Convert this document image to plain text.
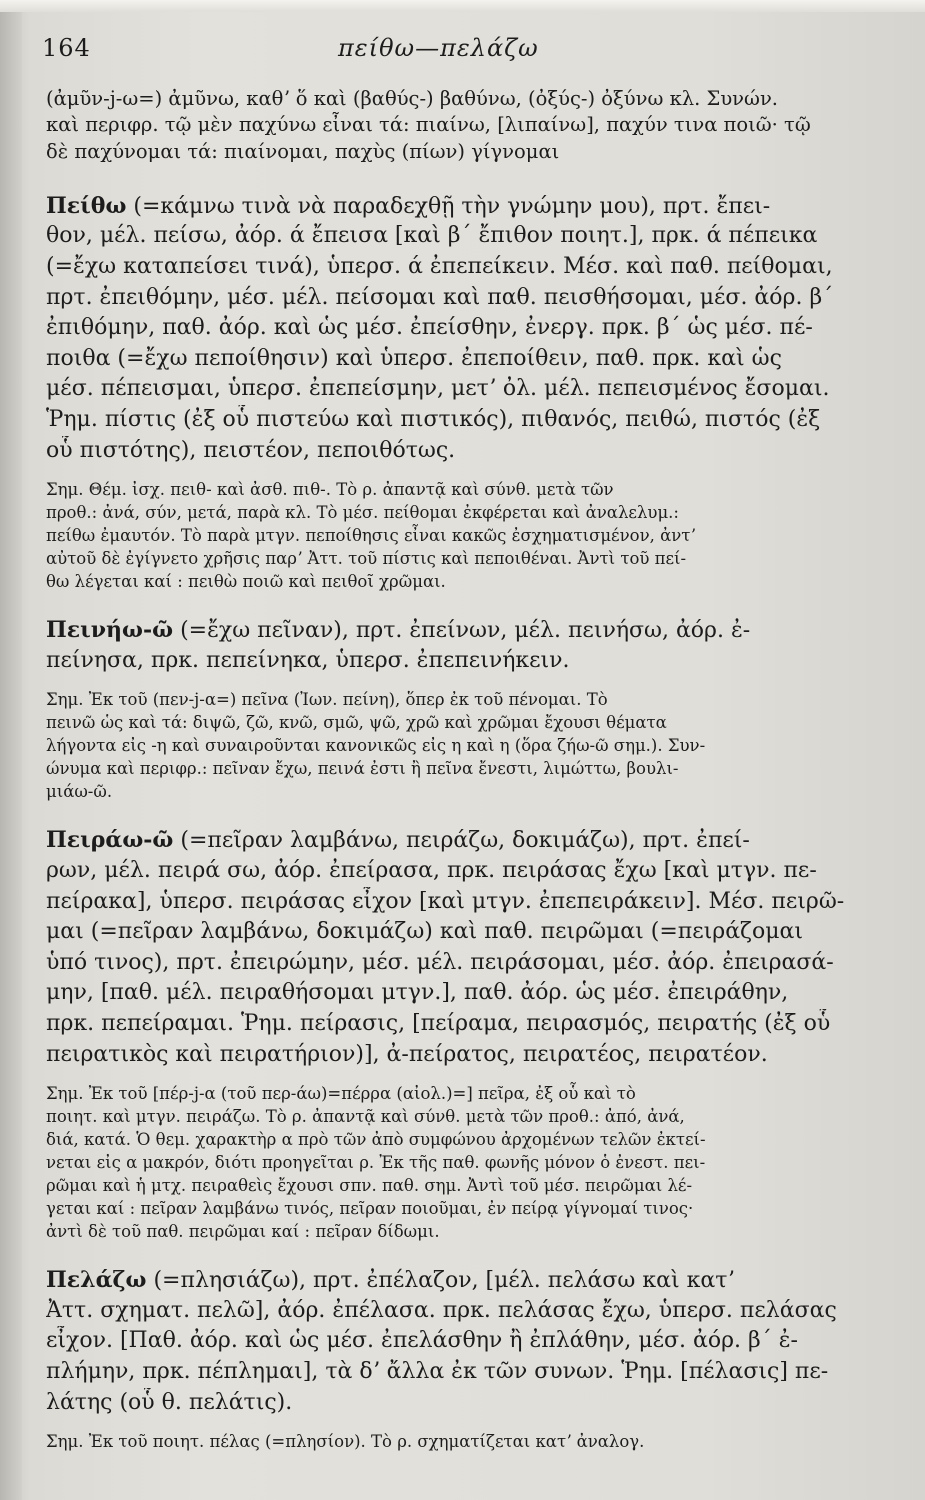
164	πείθω—πελάζω
(ἀμῦν-j-ω=) ἀμῦνω, καθʼ ὅ καὶ (βαθύς-) βαθύνω, (ὀξύς-) ὀξύνω κλ. Συνών.
καὶ περιφρ. τῷ μὲν παχύνω εἶναι τά: πιαίνω, [λιπαίνω], παχύν τινα ποιῶ· τῷ
δὲ παχύνομαι τά: πιαίνομαι, παχὺς (πίων) γίγνομαι
Πείθω (=κάμνω τινὰ νὰ παραδεχθῇ τὴν γνώμην μου), πρτ. ἔπει-
θον, μέλ. πείσω, ἀόρ. ά ἔπεισα [καὶ β΄ ἔπιθον ποιητ.], πρκ. ά πέπεικα
(=ἔχω καταπείσει τινά), ὑπερσ. ά ἐπεπείκειν. Μέσ. καὶ παθ. πείθομαι,
πρτ. ἐπειθόμην, μέσ. μέλ. πείσομαι καὶ παθ. πεισθήσομαι, μέσ. ἀόρ. β΄
ἐπιθόμην, παθ. ἀόρ. καὶ ὡς μέσ. ἐπείσθην, ἐνεργ. πρκ. β΄ ὡς μέσ. πέ-
ποιθα (=ἔχω πεποίθησιν) καὶ ὑπερσ. ἐπεποίθειν, παθ. πρκ. καὶ ὡς
μέσ. πέπεισμαι, ὑπερσ. ἐπεπείσμην, μετʼ ὀλ. μέλ. πεπεισμένος ἔσομαι.
Ῥημ. πίστις (ἐξ οὗ πιστεύω καὶ πιστικός), πιθανός, πειθώ, πιστός (ἐξ
οὗ πιστότης), πειστέον, πεποιθότως.
Σημ. Θέμ. ἰσχ. πειθ- καὶ ἀσθ. πιθ-. Τὸ ρ. ἀπαντᾷ καὶ σύνθ. μετὰ τῶν
προθ.: ἀνά, σύν, μετά, παρὰ κλ. Τὸ μέσ. πείθομαι ἐκφέρεται καὶ ἀναλελυμ.:
πείθω ἐμαυτόν. Τὸ παρὰ μτγν. πεποίθησις εἶναι κακῶς ἐσχηματισμένον, ἀντʼ
αὐτοῦ δὲ ἐγίγνετο χρῆσις παρʼ Ἀττ. τοῦ πίστις καὶ πεποιθέναι. Ἀντὶ τοῦ πεί-
θω λέγεται καί : πειθὼ ποιῶ καὶ πειθοῖ χρῶμαι.
Πεινήω-ῶ (=ἔχω πεῖναν), πρτ. ἐπείνων, μέλ. πεινήσω, ἀόρ. ἐ-
πείνησα, πρκ. πεπείνηκα, ὑπερσ. ἐπεπεινήκειν.
Σημ. Ἐκ τοῦ (πεν-j-α=) πεῖνα (Ἰων. πείνη), ὅπερ ἐκ τοῦ πένομαι. Τὸ
πεινῶ ὡς καὶ τά: διψῶ, ζῶ, κνῶ, σμῶ, ψῶ, χρῶ καὶ χρῶμαι ἔχουσι θέματα
λήγοντα εἰς -η καὶ συναιροῦνται κανονικῶς εἰς η καὶ η (ὅρα ζήω-ῶ σημ.). Συν-
ώνυμα καὶ περιφρ.: πεῖναν ἔχω, πεινά ἐστι ἢ πεῖνα ἔνεστι, λιμώττω, βουλι-
μιάω-ῶ.
Πειράω-ῶ (=πεῖραν λαμβάνω, πειράζω, δοκιμάζω), πρτ. ἐπεί-
ρων, μέλ. πειρά σω, ἀόρ. ἐπείρασα, πρκ. πειράσας ἔχω [καὶ μτγν. πε-
πείρακα], ὑπερσ. πειράσας εἶχον [καὶ μτγν. ἐπεπειράκειν]. Μέσ. πειρῶ-
μαι (=πεῖραν λαμβάνω, δοκιμάζω) καὶ παθ. πειρῶμαι (=πειράζομαι
ὑπό τινος), πρτ. ἐπειρώμην, μέσ. μέλ. πειράσομαι, μέσ. ἀόρ. ἐπειρασά-
μην, [παθ. μέλ. πειραθήσομαι μτγν.], παθ. ἀόρ. ὡς μέσ. ἐπειράθην,
πρκ. πεπείραμαι. Ῥημ. πείρασις, [πείραμα, πειρασμός, πειρατής (ἐξ οὗ
πειρατικὸς καὶ πειρατήριον)], ἀ-πείρατος, πειρατέος, πειρατέον.
Σημ. Ἐκ τοῦ [πέρ-j-α (τοῦ περ-άω)=πέρρα (αἰολ.)=] πεῖρα, ἐξ οὗ καὶ τὸ
ποιητ. καὶ μτγν. πειράζω. Τὸ ρ. ἀπαντᾷ καὶ σύνθ. μετὰ τῶν προθ.: ἀπό, ἀνά,
διά, κατά. Ὁ θεμ. χαρακτὴρ α πρὸ τῶν ἀπὸ συμφώνου ἀρχομένων τελῶν ἐκτεί-
νεται εἰς α μακρόν, διότι προηγεῖται ρ. Ἐκ τῆς παθ. φωνῆς μόνον ὁ ἐνεστ. πει-
ρῶμαι καὶ ἡ μτχ. πειραθεὶς ἔχουσι σπν. παθ. σημ. Ἀντὶ τοῦ μέσ. πειρῶμαι λέ-
γεται καί : πεῖραν λαμβάνω τινός, πεῖραν ποιοῦμαι, ἐν πείρᾳ γίγνομαί τινος·
ἀντὶ δὲ τοῦ παθ. πειρῶμαι καί : πεῖραν δίδωμι.
Πελάζω (=πλησιάζω), πρτ. ἐπέλαζον, [μέλ. πελάσω καὶ κατʼ
Ἀττ. σχηματ. πελῶ], ἀόρ. ἐπέλασα. πρκ. πελάσας ἔχω, ὑπερσ. πελάσας
εἶχον. [Παθ. ἀόρ. καὶ ὡς μέσ. ἐπελάσθην ἢ ἐπλάθην, μέσ. ἀόρ. β΄ ἐ-
πλήμην, πρκ. πέπλημαι], τὰ δʼ ἄλλα ἐκ τῶν συνων. Ῥημ. [πέλασις] πε-
λάτης (οὗ θ. πελάτις).
Σημ. Ἐκ τοῦ ποιητ. πέλας (=πλησίον). Τὸ ρ. σχηματίζεται κατʼ ἀναλογ.
